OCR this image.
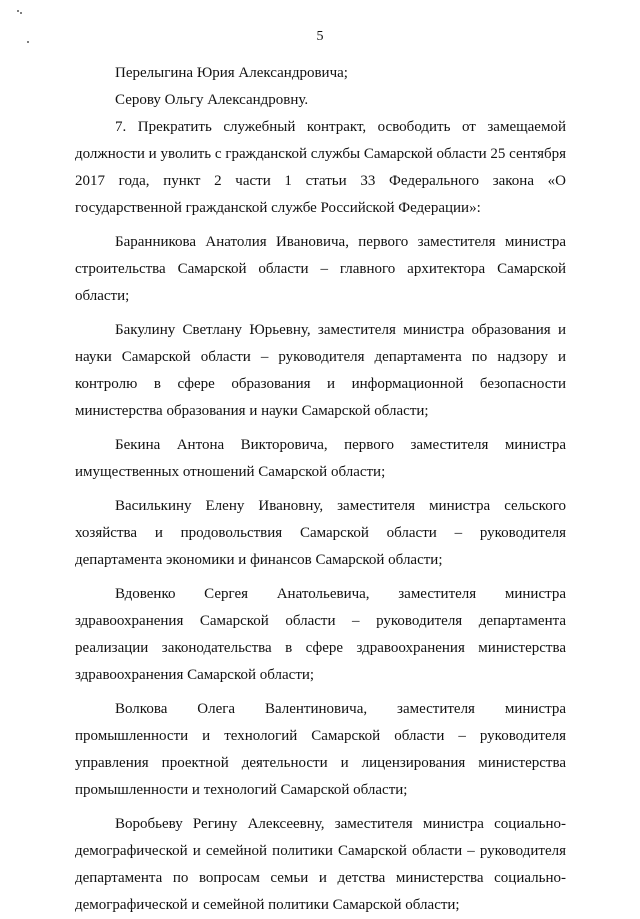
5

Перелыгина Юрия Александровича;

Серову Ольгу Александровну.

7. Прекратить служебный контракт, освободить от замещаемой должности и уволить с гражданской службы Самарской области 25 сентября 2017 года, пункт 2 части 1 статьи 33 Федерального закона «О государственной гражданской службе Российской Федерации»:

Баранникова Анатолия Ивановича, первого заместителя министра строительства Самарской области – главного архитектора Самарской области;

Бакулину Светлану Юрьевну, заместителя министра образования и науки Самарской области – руководителя департамента по надзору и контролю в сфере образования и информационной безопасности министерства образования и науки Самарской области;

Бекина Антона Викторовича, первого заместителя министра имущественных отношений Самарской области;

Василькину Елену Ивановну, заместителя министра сельского хозяйства и продовольствия Самарской области – руководителя департамента экономики и финансов Самарской области;

Вдовенко Сергея Анатольевича, заместителя министра здравоохранения Самарской области – руководителя департамента реализации законодательства в сфере здравоохранения министерства здравоохранения Самарской области;

Волкова Олега Валентиновича, заместителя министра промышленности и технологий Самарской области – руководителя управления проектной деятельности и лицензирования министерства промышленности и технологий Самарской области;

Воробьеву Регину Алексеевну, заместителя министра социально-демографической и семейной политики Самарской области – руководителя департамента по вопросам семьи и детства министерства социально-демографической и семейной политики Самарской области;
